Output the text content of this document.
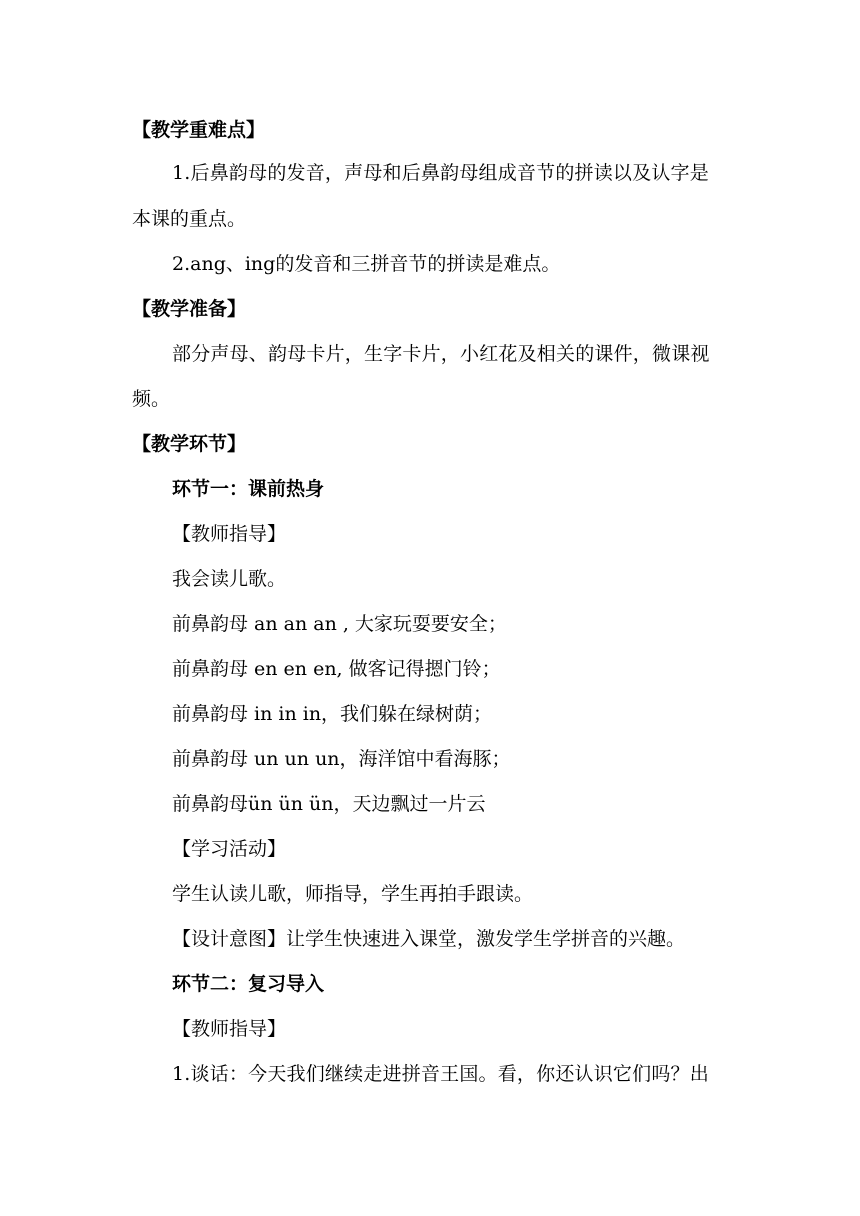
【教学重难点】
1.后鼻韵母的发音，声母和后鼻韵母组成音节的拼读以及认字是
本课的重点。
2.ang、ing的发音和三拼音节的拼读是难点。
【教学准备】
部分声母、韵母卡片，生字卡片，小红花及相关的课件，微课视
频。
【教学环节】
环节一：课前热身
【教师指导】
我会读儿歌。
前鼻韵母 an an an , 大家玩耍要安全；
前鼻韵母 en en en, 做客记得摁门铃；
前鼻韵母 in in in，我们躲在绿树荫；
前鼻韵母 un un un，海洋馆中看海豚；
前鼻韵母ün ün ün，天边飘过一片云
【学习活动】
学生认读儿歌，师指导，学生再拍手跟读。
【设计意图】让学生快速进入课堂，激发学生学拼音的兴趣。
环节二：复习导入
【教师指导】
1.谈话：今天我们继续走进拼音王国。看，你还认识它们吗？出
